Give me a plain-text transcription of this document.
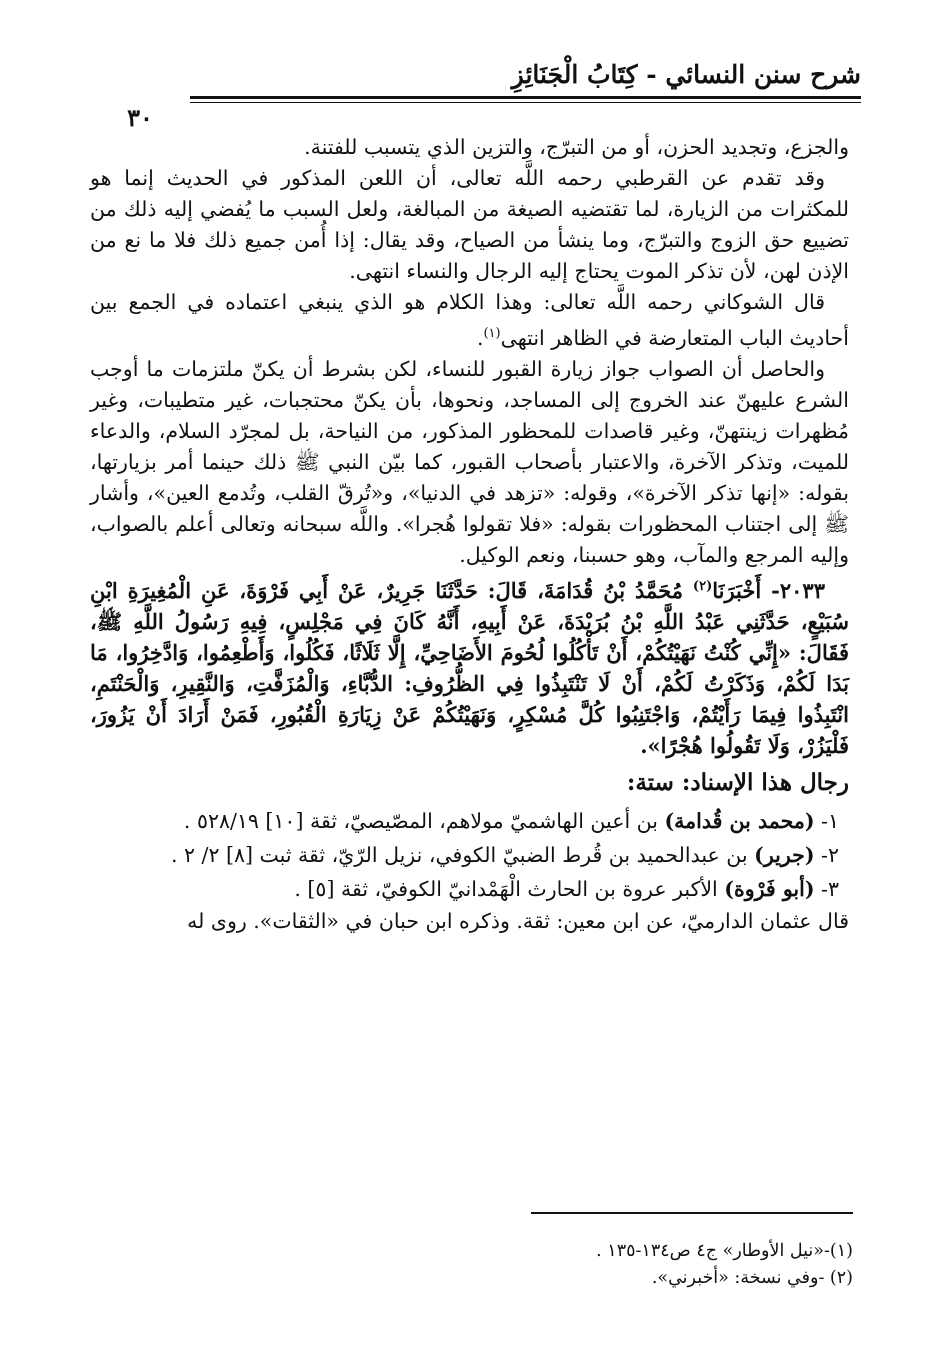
شرح سنن النسائي - كِتَابُ الْجَنَائِزِ
٣٠

والجزع، وتجديد الحزن، أو من التبرّج، والتزين الذي يتسبب للفتنة.

وقد تقدم عن القرطبي رحمه اللَّه تعالى، أن اللعن المذكور في الحديث إنما هو للمكثرات من الزيارة، لما تقتضيه الصيغة من المبالغة، ولعل السبب ما يُفضي إليه ذلك من تضييع حق الزوج والتبرّج، وما ينشأ من الصياح، وقد يقال: إذا أُمن جميع ذلك فلا ما نع من الإذن لهن، لأن تذكر الموت يحتاج إليه الرجال والنساء انتهى.

قال الشوكاني رحمه اللَّه تعالى: وهذا الكلام هو الذي ينبغي اعتماده في الجمع بين أحاديث الباب المتعارضة في الظاهر انتهى$^{(١)}$.

والحاصل أن الصواب جواز زيارة القبور للنساء، لكن بشرط أن يكنّ ملتزمات ما أوجب الشرع عليهنّ عند الخروج إلى المساجد، ونحوها، بأن يكنّ محتجبات، غير متطيبات، وغير مُظهرات زينتهنّ، وغير قاصدات للمحظور المذكور، من النياحة، بل لمجرّد السلام، والدعاء للميت، وتذكر الآخرة، والاعتبار بأصحاب القبور، كما بيّن النبي ﷺ ذلك حينما أمر بزيارتها، بقوله: «إنها تذكر الآخرة»، وقوله: «تزهد في الدنيا»، و«تُرقّ القلب، وتُدمع العين»، وأشار ﷺ إلى اجتناب المحظورات بقوله: «فلا تقولوا هُجرا». واللَّه سبحانه وتعالى أعلم بالصواب، وإليه المرجع والمآب، وهو حسبنا، ونعم الوكيل.

٢٠٣٣- أَخْبَرَنَا$^{(٢)}$ مُحَمَّدُ بْنُ قُدَامَةَ، قَالَ: حَدَّثَنَا جَرِيرٌ، عَنْ أَبِي فَرْوَةَ، عَنِ الْمُغِيرَةِ ابْنِ سُبَيْعٍ، حَدَّثَنِي عَبْدُ اللَّهِ بْنُ بُرَيْدَةَ، عَنْ أَبِيهِ، أَنَّهُ كَانَ فِي مَجْلِسٍ، فِيهِ رَسُولُ اللَّهِ ﷺ، فَقَالَ: «إِنِّي كُنْتُ نَهَيْتُكُمْ، أَنْ تَأْكُلُوا لُحُومَ الأَضَاحِيِّ، إِلَّا ثَلَاثًا، فَكُلُوا، وَأَطْعِمُوا، وَادَّخِرُوا، مَا بَدَا لَكُمْ، وَذَكَرْتُ لَكُمْ، أَنْ لَا تَنْتَبِذُوا فِي الظُّرُوفِ: الدُّبَّاءِ، وَالْمُزَفَّتِ، وَالنَّقِيرِ، وَالْحَنْتَمِ، انْتَبِذُوا فِيمَا رَأَيْتُمْ، وَاجْتَنِبُوا كُلَّ مُسْكِرٍ، وَنَهَيْتُكُمْ عَنْ زِيَارَةِ الْقُبُورِ، فَمَنْ أَرَادَ أَنْ يَزُورَ، فَلْيَزُرْ، وَلَا تَقُولُوا هُجْرًا».

رجال هذا الإسناد: ستة:

١- (محمد بن قُدامة) بن أعين الهاشميّ مولاهم، المصّيصيّ، ثقة [١٠] ٥٢٨/١٩ .

٢- (جرير) بن عبدالحميد بن قُرط الضبيّ الكوفي، نزيل الرّيّ، ثقة ثبت [٨] ٢/ ٢ .

٣- (أبو فَرْوة) الأكبر عروة بن الحارث الْهَمْدانيّ الكوفيّ، ثقة [٥] .

قال عثمان الدارميّ، عن ابن معين: ثقة. وذكره ابن حبان في «الثقات». روى له

(١)-«نيل الأوطار» ج٤ ص١٣٤-١٣٥ .

(٢) -وفي نسخة: «أخبرني».
